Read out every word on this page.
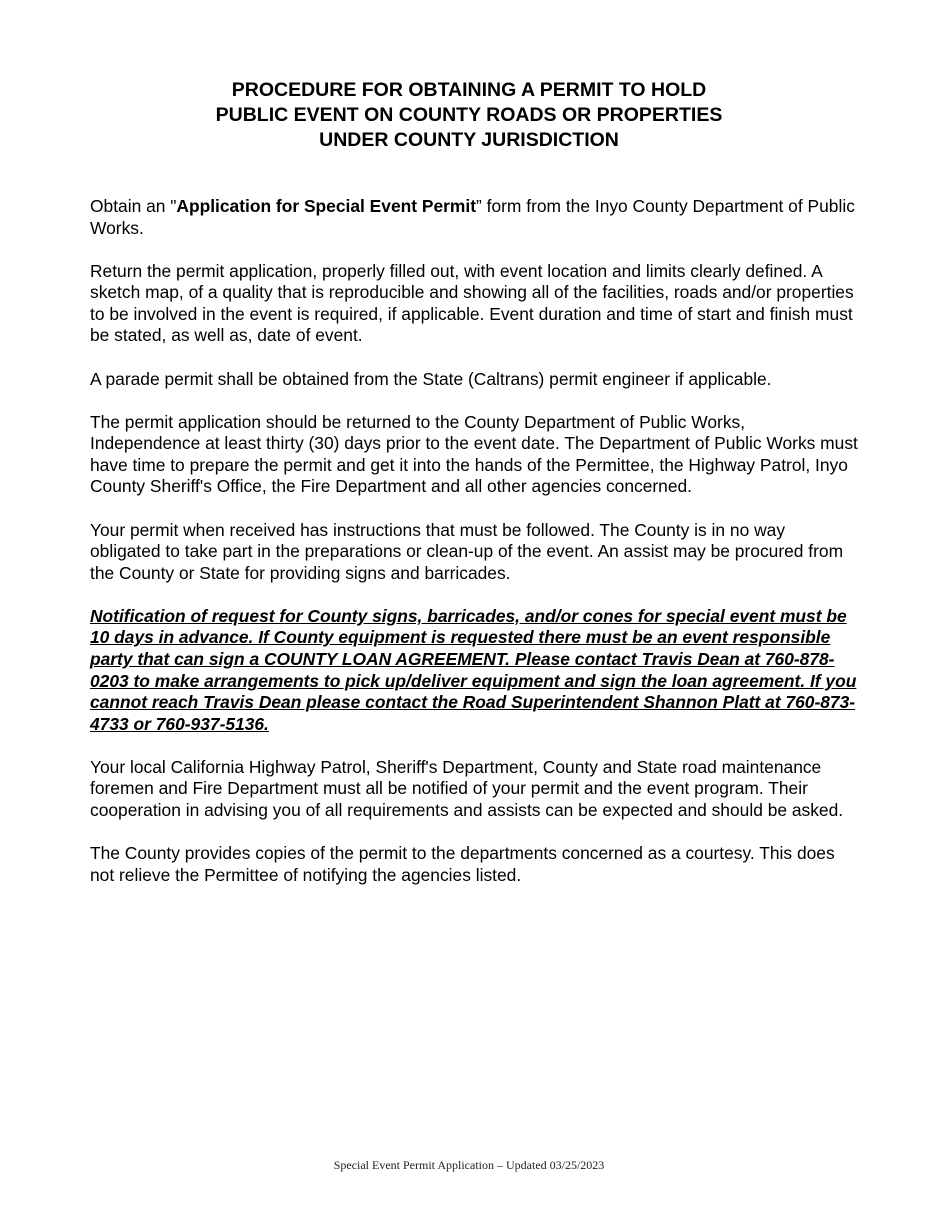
PROCEDURE FOR OBTAINING A PERMIT TO HOLD
PUBLIC EVENT ON COUNTY ROADS OR PROPERTIES
UNDER COUNTY JURISDICTION

Obtain an "Application for Special Event Permit” form from the Inyo County Department of Public Works.

Return the permit application, properly filled out, with event location and limits clearly defined. A sketch map, of a quality that is reproducible and showing all of the facilities, roads and/or properties to be involved in the event is required, if applicable. Event duration and time of start and finish must be stated, as well as, date of event.

A parade permit shall be obtained from the State (Caltrans) permit engineer if applicable.

The permit application should be returned to the County Department of Public Works, Independence at least thirty (30) days prior to the event date. The Department of Public Works must have time to prepare the permit and get it into the hands of the Permittee, the Highway Patrol, Inyo County Sheriff's Office, the Fire Department and all other agencies concerned.

Your permit when received has instructions that must be followed. The County is in no way obligated to take part in the preparations or clean-up of the event. An assist may be procured from the County or State for providing signs and barricades.

Notification of request for County signs, barricades, and/or cones for special event must be 10 days in advance. If County equipment is requested there must be an event responsible party that can sign a COUNTY LOAN AGREEMENT. Please contact Travis Dean at 760-878-0203 to make arrangements to pick up/deliver equipment and sign the loan agreement. If you cannot reach Travis Dean please contact the Road Superintendent Shannon Platt at 760-873-4733 or 760-937-5136.

Your local California Highway Patrol, Sheriff's Department, County and State road maintenance foremen and Fire Department must all be notified of your permit and the event program. Their cooperation in advising you of all requirements and assists can be expected and should be asked.

The County provides copies of the permit to the departments concerned as a courtesy. This does not relieve the Permittee of notifying the agencies listed.

Special Event Permit Application – Updated 03/25/2023
